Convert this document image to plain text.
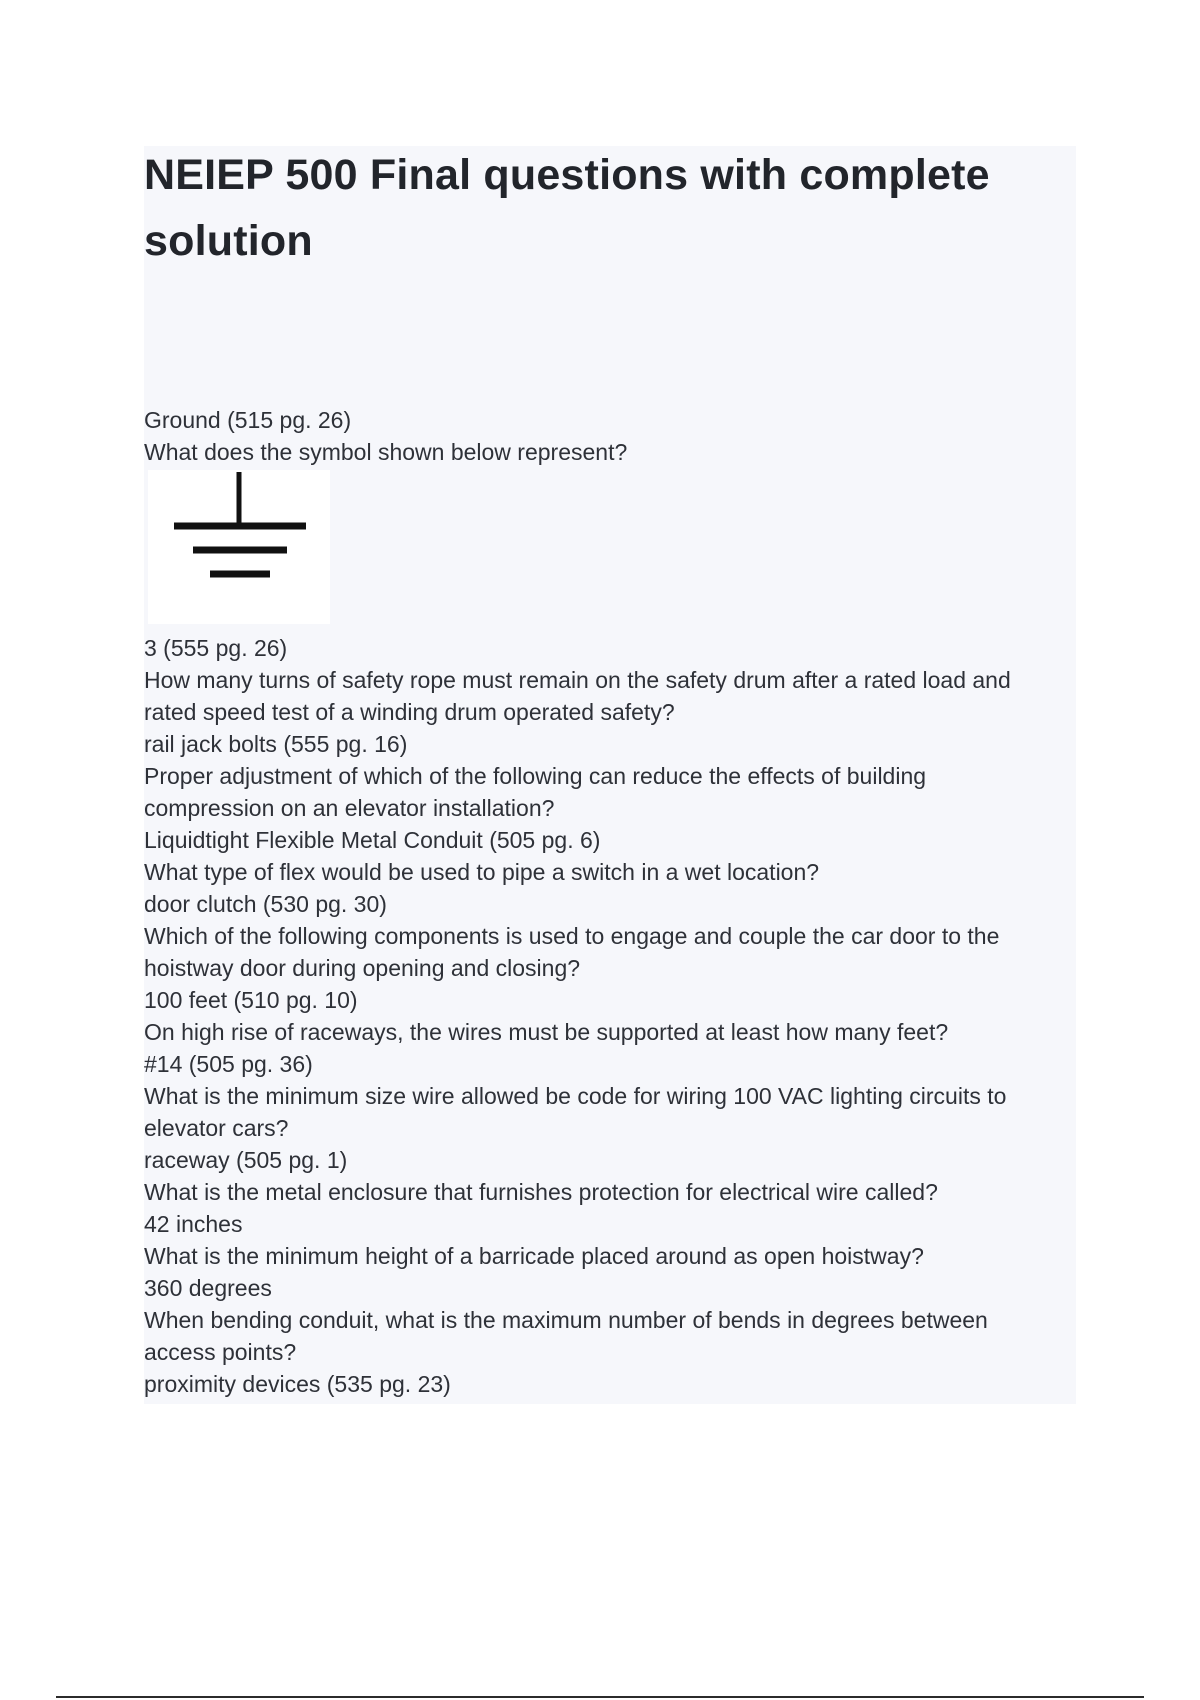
NEIEP 500 Final questions with complete solution

Ground (515 pg. 26)

What does the symbol shown below represent?

3 (555 pg. 26)

How many turns of safety rope must remain on the safety drum after a rated load and

rated speed test of a winding drum operated safety?

rail jack bolts (555 pg. 16)

Proper adjustment of which of the following can reduce the effects of building

compression on an elevator installation?

Liquidtight Flexible Metal Conduit (505 pg. 6)

What type of flex would be used to pipe a switch in a wet location?

door clutch (530 pg. 30)

Which of the following components is used to engage and couple the car door to the

hoistway door during opening and closing?

100 feet (510 pg. 10)

On high rise of raceways, the wires must be supported at least how many feet?

#14 (505 pg. 36)

What is the minimum size wire allowed be code for wiring 100 VAC lighting circuits to

elevator cars?

raceway (505 pg. 1)

What is the metal enclosure that furnishes protection for electrical wire called?

42 inches

What is the minimum height of a barricade placed around as open hoistway?

360 degrees

When bending conduit, what is the maximum number of bends in degrees between

access points?

proximity devices (535 pg. 23)
